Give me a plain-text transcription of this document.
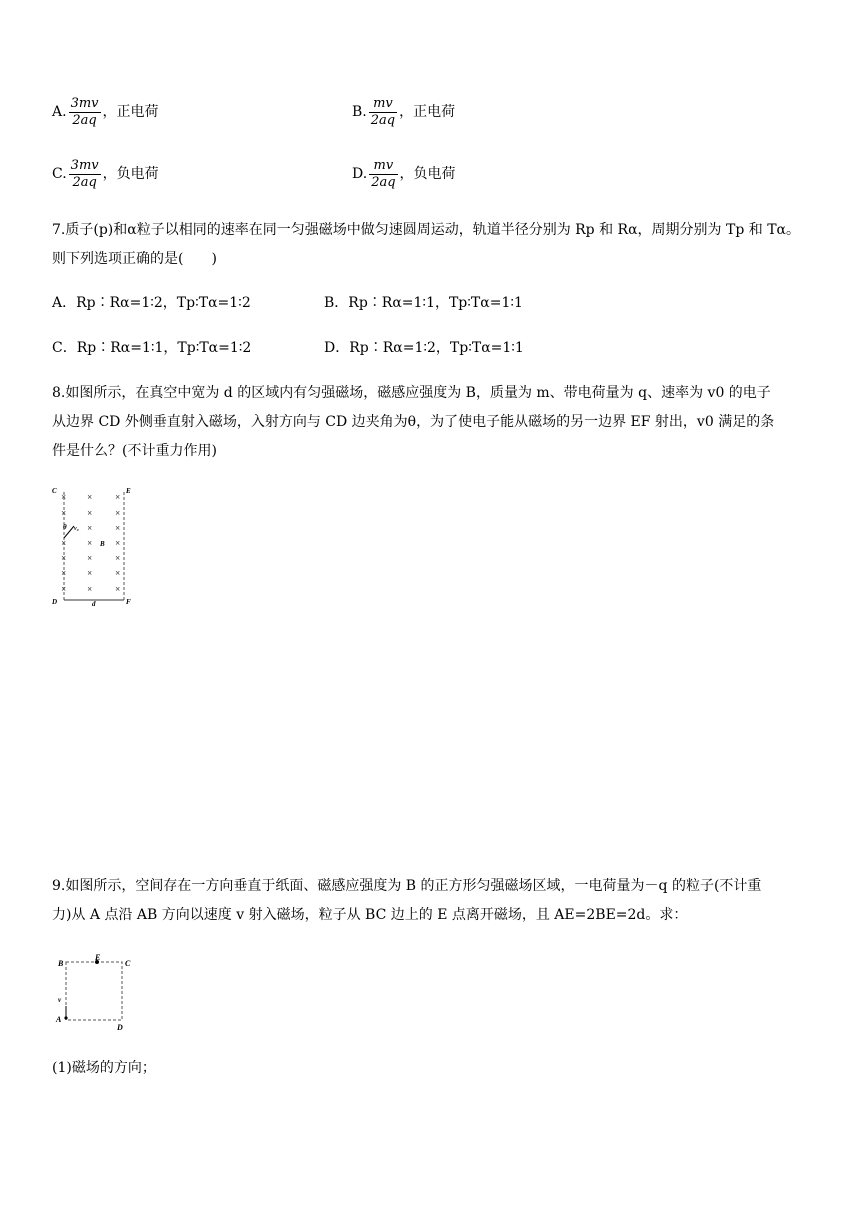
A. $\frac{3mv}{2aq}$ ，正电荷	B. $\frac{mv}{2aq}$ ，正电荷
C. $\frac{3mv}{2aq}$ ，负电荷	D. $\frac{mv}{2aq}$ ，负电荷
7.质子(p)和α粒子以相同的速率在同一匀强磁场中做匀速圆周运动，轨道半径分别为 Rp 和 Rα，周期分别为 Tp 和 Tα。
则下列选项正确的是(　　)
A．Rp∶Rα=1∶2，Tp∶Tα=1∶2	B．Rp∶Rα=1∶1，Tp∶Tα=1∶1
C．Rp∶Rα=1∶1，Tp∶Tα=1∶2	D．Rp∶Rα=1∶2，Tp∶Tα=1∶1
8.如图所示，在真空中宽为 d 的区域内有匀强磁场，磁感应强度为 B，质量为 m、带电荷量为 q、速率为 v0 的电子
从边界 CD 外侧垂直射入磁场，入射方向与 CD 边夹角为θ，为了使电子能从磁场的另一边界 EF 射出，v0 满足的条
件是什么？(不计重力作用)
× ×	×
× ×	×
×	×
× ×	×
× ×	×
× ×	×
× ×	×
C	E
D	F
d
B
θ v₀
9.如图所示，空间存在一方向垂直于纸面、磁感应强度为 B 的正方形匀强磁场区域，一电荷量为－q 的粒子(不计重
力)从 A 点沿 AB 方向以速度 v 射入磁场，粒子从 BC 边上的 E 点离开磁场，且 AE=2BE=2d。求：
B
E
C
A
D
v
(1)磁场的方向；
